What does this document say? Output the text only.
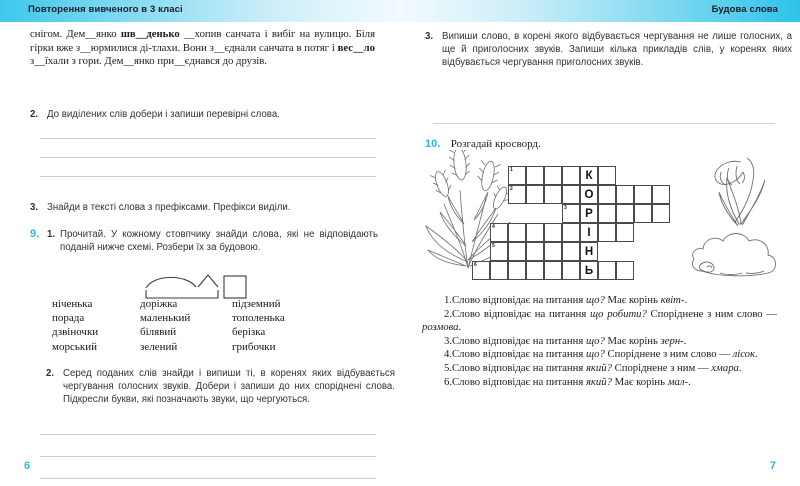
Повторення вивченого в 3 класі	Будова слова
снігом. Дем__янко шв__денько __хопив санчата і вибіг на вулицю. Біля гірки вже з__юрмилися ді-тлахи. Вони з__єднали санчата в потяг і вес__ло з__їхали з гори. Дем__янко при__єднався до друзів.
2. До виділених слів добери і запиши перевірні слова.
3. Знайди в тексті слова з префіксами. Префікси виділи.
9. 1. Прочитай. У кожному стовпчику знайди слова, які не відповідають поданій нижче схемі. Розбери їх за будовою.
ніченька
порада
дзвіночки
морський
доріжка
маленький
білявий
зелений
підземний
тополенька
берізка
грибочки
2. Серед поданих слів знайди і випиши ті, в коренях яких відбувається чергування голосних звуків. Добери і запиши до них споріднені слова. Підкресли букви, які позначають звуки, що чергуються.
6
3. Випиши слово, в корені якого відбувається чергування не лише голосних, а ще й приголосних звуків. Запиши кілька прикладів слів, у коренях яких відбувається чергування приголосних звуків.
10. Розгадай кросворд.
1
2
3
4
5
6
К
О
Р
І
Н
Ь

1.Слово відповідає на питання що? Має корінь квіт-.

2.Слово відповідає на питання що робити? Споріднене з ним слово — розмова.

3.Слово відповідає на питання що? Має корінь зерн-.

4.Слово відповідає на питання що? Споріднене з ним слово — лісок.

5.Слово відповідає на питання який? Споріднене з ним — хмара.

6.Слово відповідає на питання який? Має корінь мал-.

7
